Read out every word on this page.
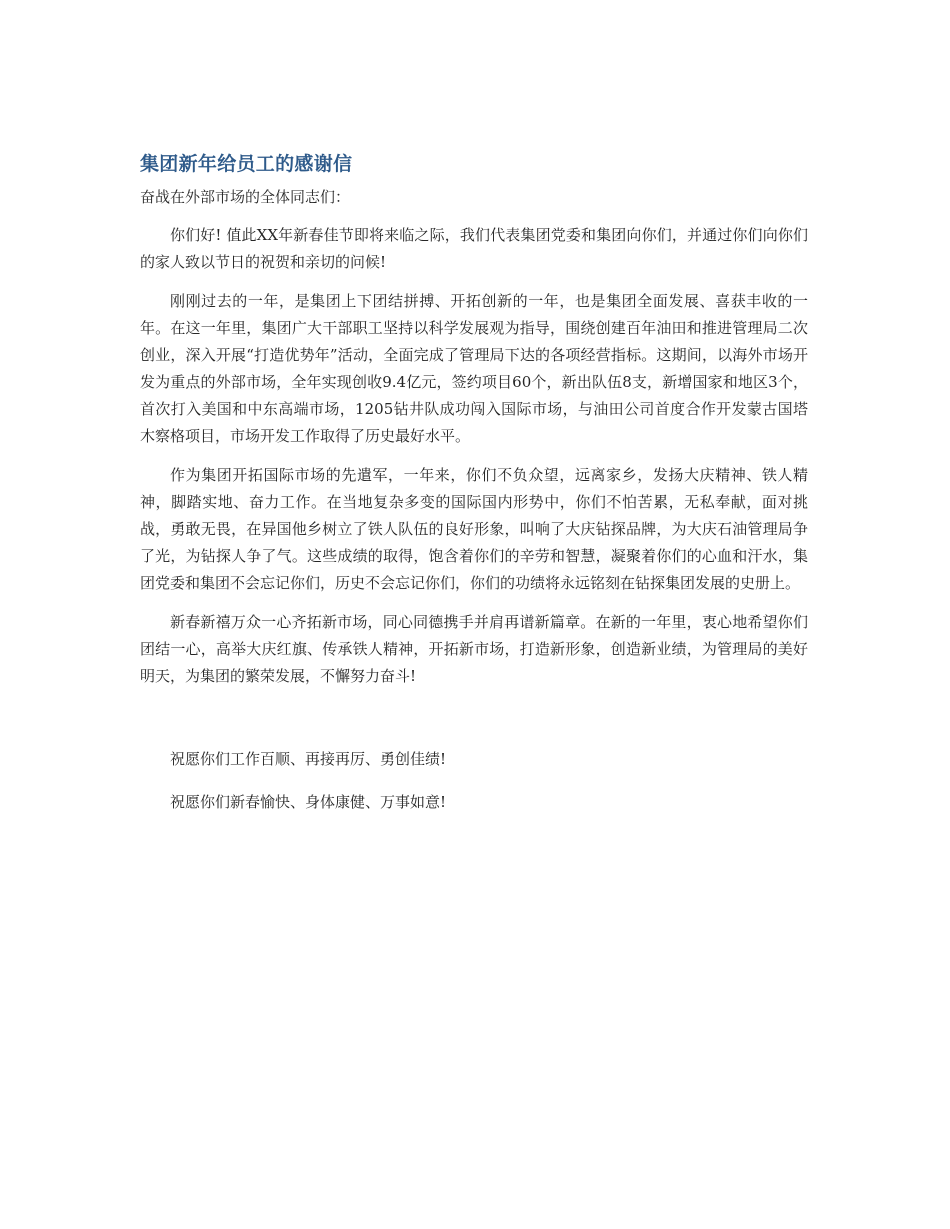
集团新年给员工的感谢信

奋战在外部市场的全体同志们：

你们好! 值此XX年新春佳节即将来临之际，我们代表集团党委和集团向你们，并通过你们向你们的家人致以节日的祝贺和亲切的问候!

刚刚过去的一年，是集团上下团结拼搏、开拓创新的一年，也是集团全面发展、喜获丰收的一年。在这一年里，集团广大干部职工坚持以科学发展观为指导，围绕创建百年油田和推进管理局二次创业，深入开展“打造优势年”活动，全面完成了管理局下达的各项经营指标。这期间，以海外市场开发为重点的外部市场，全年实现创收9.4亿元，签约项目60个，新出队伍8支，新增国家和地区3个，首次打入美国和中东高端市场，1205钻井队成功闯入国际市场，与油田公司首度合作开发蒙古国塔木察格项目，市场开发工作取得了历史最好水平。

作为集团开拓国际市场的先遣军，一年来，你们不负众望，远离家乡，发扬大庆精神、铁人精神，脚踏实地、奋力工作。在当地复杂多变的国际国内形势中，你们不怕苦累，无私奉献，面对挑战，勇敢无畏，在异国他乡树立了铁人队伍的良好形象，叫响了大庆钻探品牌，为大庆石油管理局争了光，为钻探人争了气。这些成绩的取得，饱含着你们的辛劳和智慧，凝聚着你们的心血和汗水，集团党委和集团不会忘记你们，历史不会忘记你们，你们的功绩将永远铭刻在钻探集团发展的史册上。

新春新禧万众一心齐拓新市场，同心同德携手并肩再谱新篇章。在新的一年里，衷心地希望你们团结一心，高举大庆红旗、传承铁人精神，开拓新市场，打造新形象，创造新业绩，为管理局的美好明天，为集团的繁荣发展，不懈努力奋斗!

祝愿你们工作百顺、再接再厉、勇创佳绩!

祝愿你们新春愉快、身体康健、万事如意!
